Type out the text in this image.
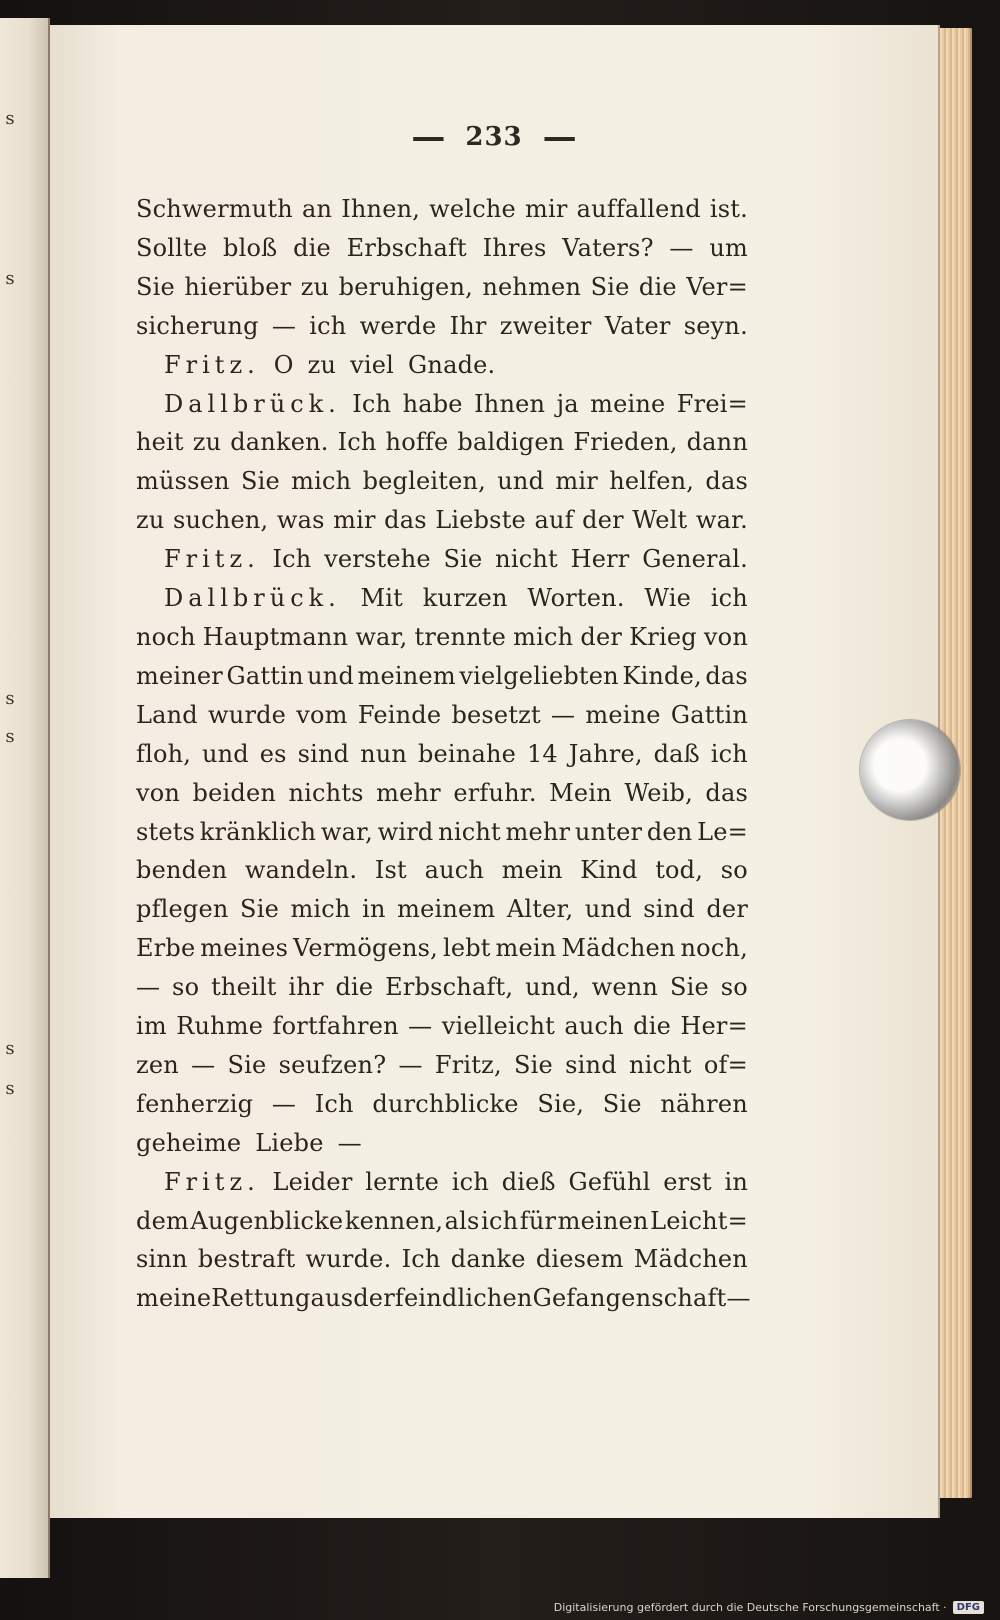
s
s
s
s
s
s
— 233 —
Schwermuth an Ihnen, welche mir auffallend ist.
Sollte bloß die Erbschaft Ihres Vaters? — um
Sie hierüber zu beruhigen, nehmen Sie die Ver=
sicherung — ich werde Ihr zweiter Vater seyn.
Fritz. O zu viel Gnade.
Dallbrück. Ich habe Ihnen ja meine Frei=
heit zu danken. Ich hoffe baldigen Frieden, dann
müssen Sie mich begleiten, und mir helfen, das
zu suchen, was mir das Liebste auf der Welt war.
Fritz. Ich verstehe Sie nicht Herr General.
Dallbrück. Mit kurzen Worten. Wie ich
noch Hauptmann war, trennte mich der Krieg von
meiner Gattin und meinem vielgeliebten Kinde, das
Land wurde vom Feinde besetzt — meine Gattin
floh, und es sind nun beinahe 14 Jahre, daß ich
von beiden nichts mehr erfuhr. Mein Weib, das
stets kränklich war, wird nicht mehr unter den Le=
benden wandeln. Ist auch mein Kind tod, so
pflegen Sie mich in meinem Alter, und sind der
Erbe meines Vermögens, lebt mein Mädchen noch,
— so theilt ihr die Erbschaft, und, wenn Sie so
im Ruhme fortfahren — vielleicht auch die Her=
zen — Sie seufzen? — Fritz, Sie sind nicht of=
fenherzig — Ich durchblicke Sie, Sie nähren
geheime Liebe —
Fritz. Leider lernte ich dieß Gefühl erst in
dem Augenblicke kennen, als ich für meinen Leicht=
sinn bestraft wurde. Ich danke diesem Mädchen
meine Rettung aus der feindlichen Gefangenschaft —
Digitalisierung gefördert durch die Deutsche Forschungsgemeinschaft ·	DFG
